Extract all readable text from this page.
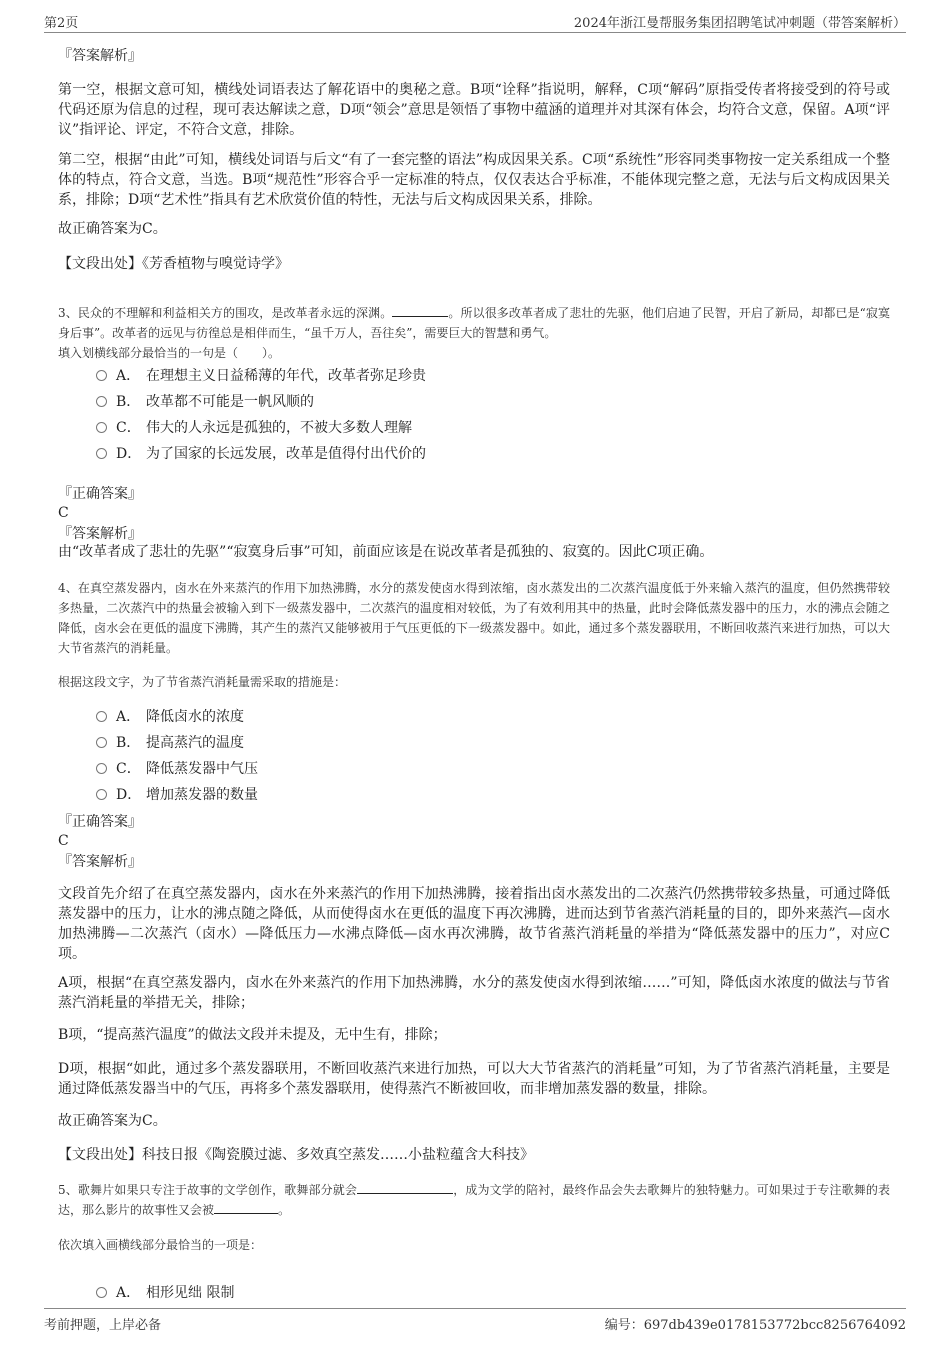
第2页	2024年浙江曼帮服务集团招聘笔试冲刺题（带答案解析）
『答案解析』

第一空，根据文意可知，横线处词语表达了解花语中的奥秘之意。B项“诠释”指说明，解释，C项“解码”原指受传者将接受到的符号或代码还原为信息的过程，现可表达解读之意，D项“领会”意思是领悟了事物中蕴涵的道理并对其深有体会，均符合文意，保留。A项“评议”指评论、评定，不符合文意，排除。

第二空，根据“由此”可知，横线处词语与后文“有了一套完整的语法”构成因果关系。C项“系统性”形容同类事物按一定关系组成一个整体的特点，符合文意，当选。B项“规范性”形容合乎一定标准的特点，仅仅表达合乎标准，不能体现完整之意，无法与后文构成因果关系，排除；D项“艺术性”指具有艺术欣赏价值的特性，无法与后文构成因果关系，排除。

故正确答案为C。

【文段出处】《芳香植物与嗅觉诗学》

3、民众的不理解和利益相关方的围攻，是改革者永远的深渊。	。所以很多改革者成了悲壮的先驱，他们启迪了民智，开启了新局，却都已是“寂寞身后事”。改革者的远见与彷徨总是相伴而生，“虽千万人，吾往矣”，需要巨大的智慧和勇气。

填入划横线部分最恰当的一句是（　　）。

A． 在理想主义日益稀薄的年代，改革者弥足珍贵
B． 改革都不可能是一帆风顺的
C． 伟大的人永远是孤独的，不被大多数人理解
D． 为了国家的长远发展，改革是值得付出代价的
『正确答案』
C
『答案解析』
由“改革者成了悲壮的先驱”“寂寞身后事”可知，前面应该是在说改革者是孤独的、寂寞的。因此C项正确。

4、在真空蒸发器内，卤水在外来蒸汽的作用下加热沸腾，水分的蒸发使卤水得到浓缩，卤水蒸发出的二次蒸汽温度低于外来输入蒸汽的温度，但仍然携带较多热量，二次蒸汽中的热量会被输入到下一级蒸发器中，二次蒸汽的温度相对较低，为了有效利用其中的热量，此时会降低蒸发器中的压力，水的沸点会随之降低，卤水会在更低的温度下沸腾，其产生的蒸汽又能够被用于气压更低的下一级蒸发器中。如此，通过多个蒸发器联用，不断回收蒸汽来进行加热，可以大大节省蒸汽的消耗量。

根据这段文字，为了节省蒸汽消耗量需采取的措施是：

A． 降低卤水的浓度
B． 提高蒸汽的温度
C． 降低蒸发器中气压
D． 增加蒸发器的数量
『正确答案』
C
『答案解析』

文段首先介绍了在真空蒸发器内，卤水在外来蒸汽的作用下加热沸腾，接着指出卤水蒸发出的二次蒸汽仍然携带较多热量，可通过降低蒸发器中的压力，让水的沸点随之降低，从而使得卤水在更低的温度下再次沸腾，进而达到节省蒸汽消耗量的目的，即外来蒸汽—卤水加热沸腾—二次蒸汽（卤水）—降低压力—水沸点降低—卤水再次沸腾，故节省蒸汽消耗量的举措为“降低蒸发器中的压力”，对应C项。

A项，根据“在真空蒸发器内，卤水在外来蒸汽的作用下加热沸腾，水分的蒸发使卤水得到浓缩……”可知，降低卤水浓度的做法与节省蒸汽消耗量的举措无关，排除；

B项，“提高蒸汽温度”的做法文段并未提及，无中生有，排除；

D项，根据“如此，通过多个蒸发器联用，不断回收蒸汽来进行加热，可以大大节省蒸汽的消耗量”可知，为了节省蒸汽消耗量，主要是通过降低蒸发器当中的气压，再将多个蒸发器联用，使得蒸汽不断被回收，而非增加蒸发器的数量，排除。

故正确答案为C。

【文段出处】科技日报《陶瓷膜过滤、多效真空蒸发……小盐粒蕴含大科技》

5、歌舞片如果只专注于故事的文学创作，歌舞部分就会	，成为文学的陪衬，最终作品会失去歌舞片的独特魅力。可如果过于专注歌舞的表达，那么影片的故事性又会被	。

依次填入画横线部分最恰当的一项是：

A． 相形见绌 限制
考前押题，上岸必备	编号：697db439e0178153772bcc8256764092
